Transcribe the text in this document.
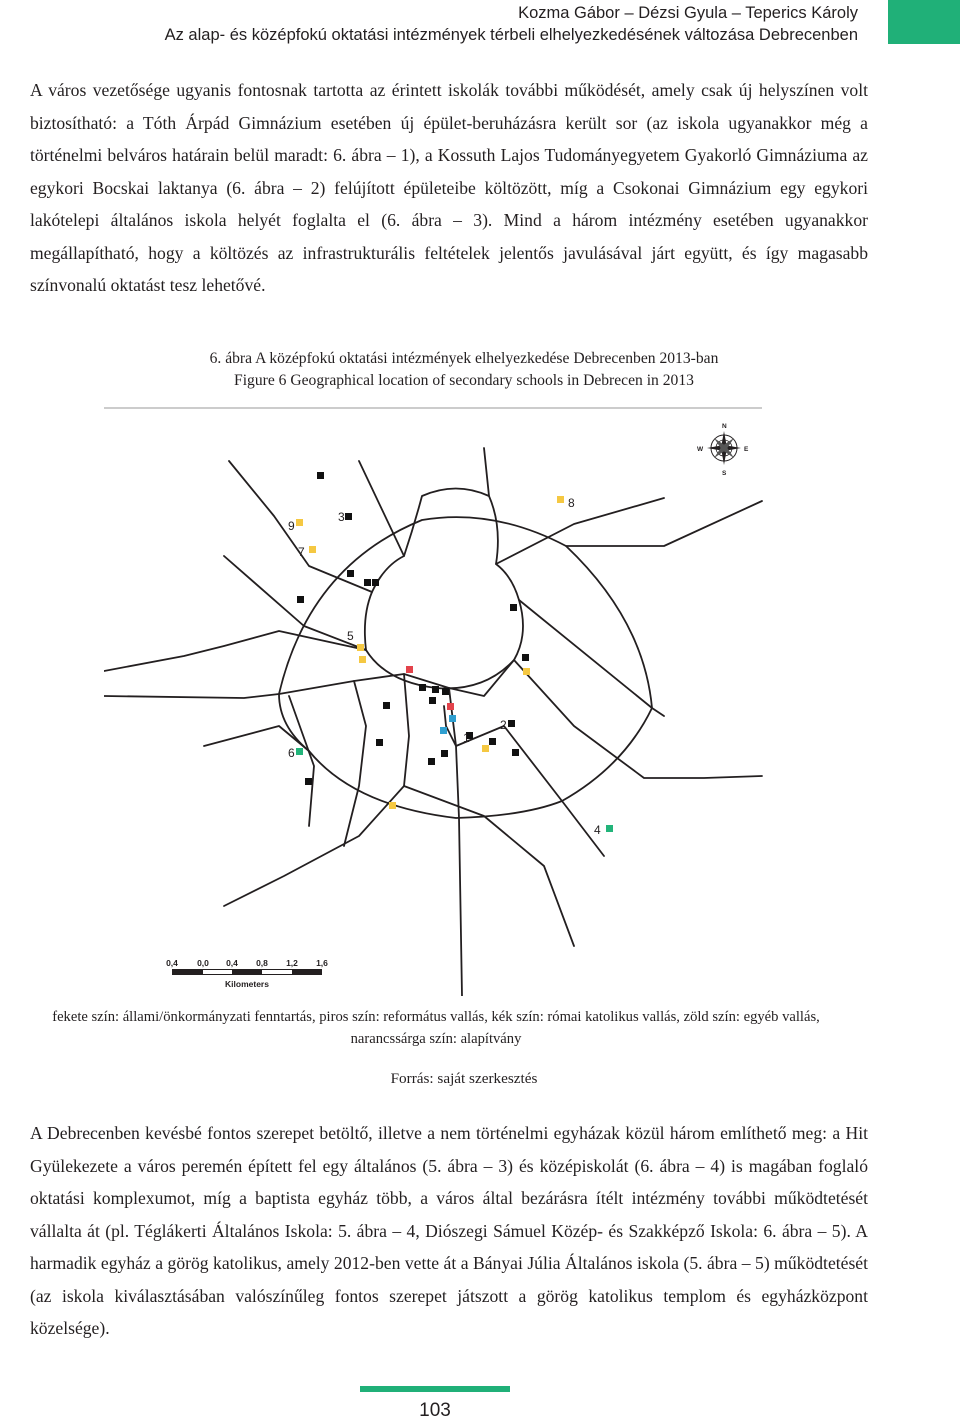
Kozma Gábor – Dézsi Gyula – Teperics Károly
Az alap- és középfokú oktatási intézmények térbeli elhelyezkedésének változása Debrecenben
A város vezetősége ugyanis fontosnak tartotta az érintett iskolák további működését, amely csak új helyszínen volt biztosítható: a Tóth Árpád Gimnázium esetében új épület-beruházásra került sor (az iskola ugyanakkor még a történelmi belváros határain belül maradt: 6. ábra – 1), a Kossuth Lajos Tudományegyetem Gyakorló Gimnáziuma az egykori Bocskai laktanya (6. ábra – 2) felújított épületeibe költözött, míg a Csokonai Gimnázium egy egykori lakótelepi általános iskola helyét foglalta el (6. ábra – 3). Mind a három intézmény esetében ugyanakkor megállapítható, hogy a költözés az infrastrukturális feltételek jelentős javulásával járt együtt, és így magasabb színvonalú oktatást tesz lehetővé.
6. ábra A középfokú oktatási intézmények elhelyezkedése Debrecenben 2013-ban
Figure 6 Geographical location of secondary schools in Debrecen in 2013
N
E
S
W
1
2
3
4
5
6
7
8
9
0,4 0,0 0,4 0,8 1,2 1,6
Kilometers
fekete szín: állami/önkormányzati fenntartás, piros szín: református vallás, kék szín: római katolikus vallás, zöld szín: egyéb vallás, narancssárga szín: alapítvány
Forrás: saját szerkesztés
A Debrecenben kevésbé fontos szerepet betöltő, illetve a nem történelmi egyházak közül három említhető meg: a Hit Gyülekezete a város peremén épített fel egy általános (5. ábra – 3) és középiskolát (6. ábra – 4) is magában foglaló oktatási komplexumot, míg a baptista egyház több, a város által bezárásra ítélt intézmény további működtetését vállalta át (pl. Téglákerti Általános Iskola: 5. ábra – 4, Diószegi Sámuel Közép- és Szakképző Iskola: 6. ábra – 5). A harmadik egyház a görög katolikus, amely 2012-ben vette át a Bányai Júlia Általános iskola (5. ábra – 5) működtetését (az iskola kiválasztásában valószínűleg fontos szerepet játszott a görög katolikus templom és egyházközpont közelsége).
103
